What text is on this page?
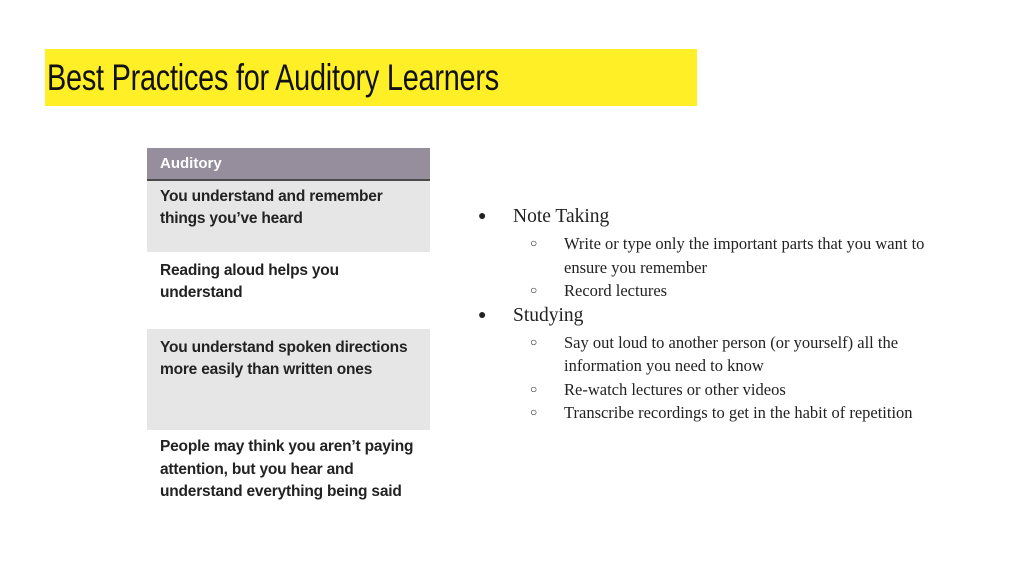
Best Practices for Auditory Learners
Auditory
You understand and remember things you’ve heard
Reading aloud helps you understand
You understand spoken directions more easily than written ones
People may think you aren’t paying attention, but you hear and understand everything being said
● Note Taking
○ Write or type only the important parts that you want to ensure you remember
○ Record lectures
● Studying
○ Say out loud to another person (or yourself) all the information you need to know
○ Re-watch lectures or other videos
○ Transcribe recordings to get in the habit of repetition
